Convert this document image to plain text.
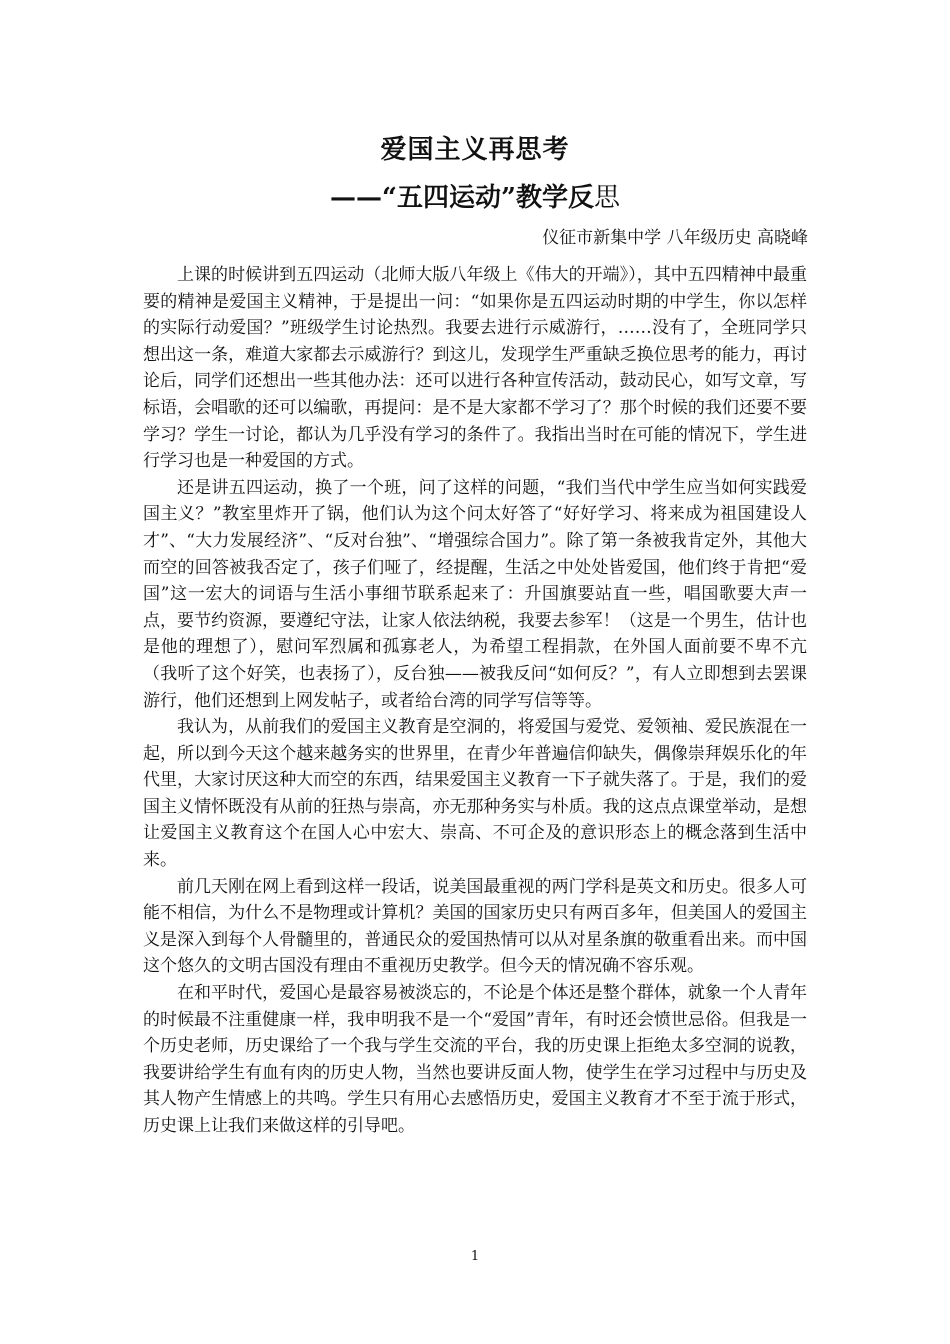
爱国主义再思考
——“五四运动”教学反思
仪征市新集中学 八年级历史 高晓峰

上课的时候讲到五四运动（北师大版八年级上《伟大的开端》），其中五四精神中最重要的精神是爱国主义精神，于是提出一问：“如果你是五四运动时期的中学生，你以怎样的实际行动爱国？”班级学生讨论热烈。我要去进行示威游行，……没有了，全班同学只想出这一条，难道大家都去示威游行？到这儿，发现学生严重缺乏换位思考的能力，再讨论后，同学们还想出一些其他办法：还可以进行各种宣传活动，鼓动民心，如写文章，写标语，会唱歌的还可以编歌，再提问：是不是大家都不学习了？那个时候的我们还要不要学习？学生一讨论，都认为几乎没有学习的条件了。我指出当时在可能的情况下，学生进行学习也是一种爱国的方式。

还是讲五四运动，换了一个班，问了这样的问题，“我们当代中学生应当如何实践爱国主义？”教室里炸开了锅，他们认为这个问太好答了“好好学习、将来成为祖国建设人才”、“大力发展经济”、“反对台独”、“增强综合国力”。除了第一条被我肯定外，其他大而空的回答被我否定了，孩子们哑了，经提醒，生活之中处处皆爱国，他们终于肯把“爱国”这一宏大的词语与生活小事细节联系起来了：升国旗要站直一些，唱国歌要大声一点，要节约资源，要遵纪守法，让家人依法纳税，我要去参军！（这是一个男生，估计也是他的理想了），慰问军烈属和孤寡老人，为希望工程捐款，在外国人面前要不卑不亢（我听了这个好笑，也表扬了），反台独——被我反问“如何反？”，有人立即想到去罢课游行，他们还想到上网发帖子，或者给台湾的同学写信等等。

我认为，从前我们的爱国主义教育是空洞的，将爱国与爱党、爱领袖、爱民族混在一起，所以到今天这个越来越务实的世界里，在青少年普遍信仰缺失，偶像崇拜娱乐化的年代里，大家讨厌这种大而空的东西，结果爱国主义教育一下子就失落了。于是，我们的爱国主义情怀既没有从前的狂热与崇高，亦无那种务实与朴质。我的这点点课堂举动，是想让爱国主义教育这个在国人心中宏大、崇高、不可企及的意识形态上的概念落到生活中来。

前几天刚在网上看到这样一段话，说美国最重视的两门学科是英文和历史。很多人可能不相信，为什么不是物理或计算机？美国的国家历史只有两百多年，但美国人的爱国主义是深入到每个人骨髓里的，普通民众的爱国热情可以从对星条旗的敬重看出来。而中国这个悠久的文明古国没有理由不重视历史教学。但今天的情况确不容乐观。

在和平时代，爱国心是最容易被淡忘的，不论是个体还是整个群体，就象一个人青年的时候最不注重健康一样，我申明我不是一个“爱国”青年，有时还会愤世忌俗。但我是一个历史老师，历史课给了一个我与学生交流的平台，我的历史课上拒绝太多空洞的说教，我要讲给学生有血有肉的历史人物，当然也要讲反面人物，使学生在学习过程中与历史及其人物产生情感上的共鸣。学生只有用心去感悟历史，爱国主义教育才不至于流于形式，历史课上让我们来做这样的引导吧。

1
